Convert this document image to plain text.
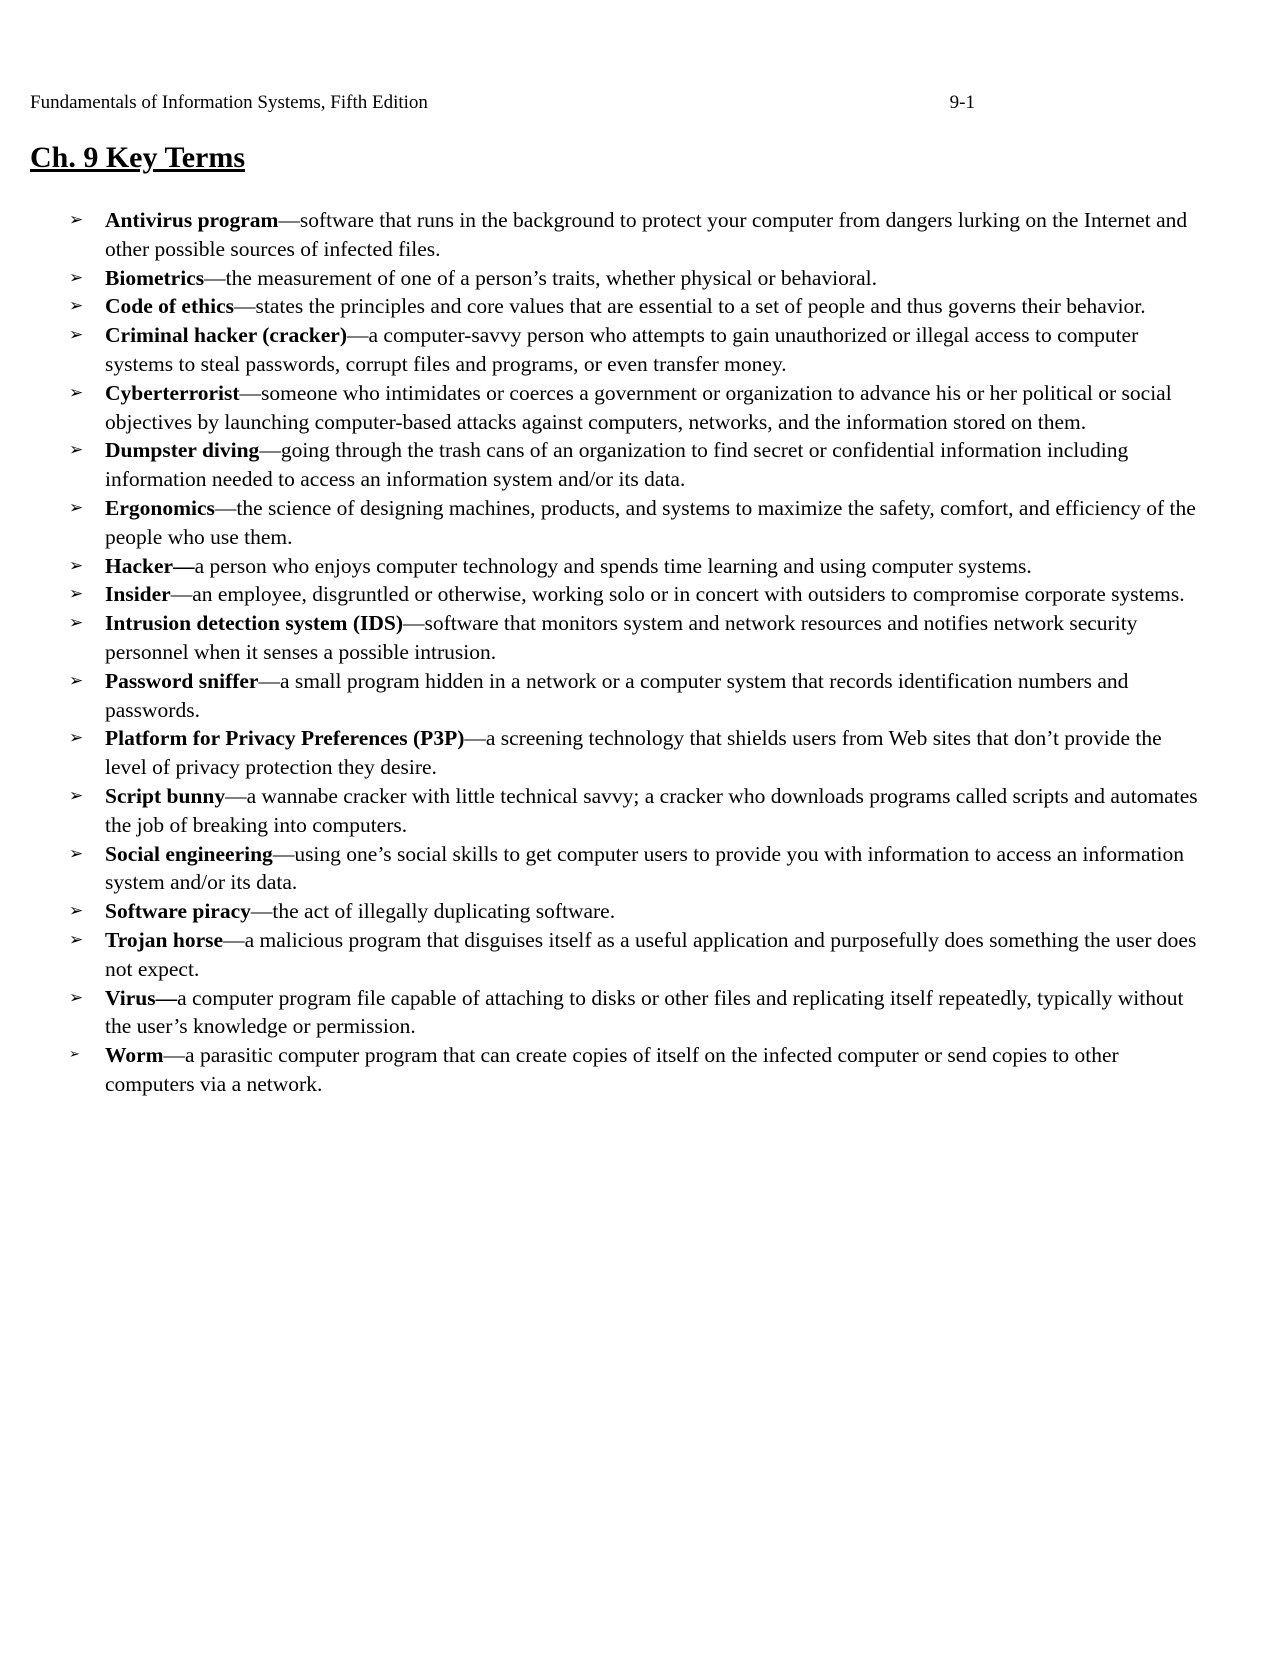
Fundamentals of Information Systems, Fifth Edition	9-1
Ch. 9 Key Terms
➢	Antivirus program—software that runs in the background to protect your computer from dangers lurking on the Internet and other possible sources of infected files.
➢	Biometrics—the measurement of one of a person’s traits, whether physical or behavioral.
➢	Code of ethics—states the principles and core values that are essential to a set of people and thus governs their behavior.
➢	Criminal hacker (cracker)—a computer-savvy person who attempts to gain unauthorized or illegal access to computer systems to steal passwords, corrupt files and programs, or even transfer money.
➢	Cyberterrorist—someone who intimidates or coerces a government or organization to advance his or her political or social objectives by launching computer-based attacks against computers, networks, and the information stored on them.
➢	Dumpster diving—going through the trash cans of an organization to find secret or confidential information including information needed to access an information system and/or its data.
➢	Ergonomics—the science of designing machines, products, and systems to maximize the safety, comfort, and efficiency of the people who use them.
➢	Hacker—a person who enjoys computer technology and spends time learning and using computer systems.
➢	Insider—an employee, disgruntled or otherwise, working solo or in concert with outsiders to compromise corporate systems.
➢	Intrusion detection system (IDS)—software that monitors system and network resources and notifies network security personnel when it senses a possible intrusion.
➢	Password sniffer—a small program hidden in a network or a computer system that records identification numbers and passwords.
➢	Platform for Privacy Preferences (P3P)—a screening technology that shields users from Web sites that don’t provide the level of privacy protection they desire.
➢	Script bunny—a wannabe cracker with little technical savvy; a cracker who downloads programs called scripts and automates the job of breaking into computers.
➢	Social engineering—using one’s social skills to get computer users to provide you with information to access an information system and/or its data.
➢	Software piracy—the act of illegally duplicating software.
➢	Trojan horse—a malicious program that disguises itself as a useful application and purposefully does something the user does not expect.
➢	Virus—a computer program file capable of attaching to disks or other files and replicating itself repeatedly, typically without the user’s knowledge or permission.
➢	Worm—a parasitic computer program that can create copies of itself on the infected computer or send copies to other computers via a network.
